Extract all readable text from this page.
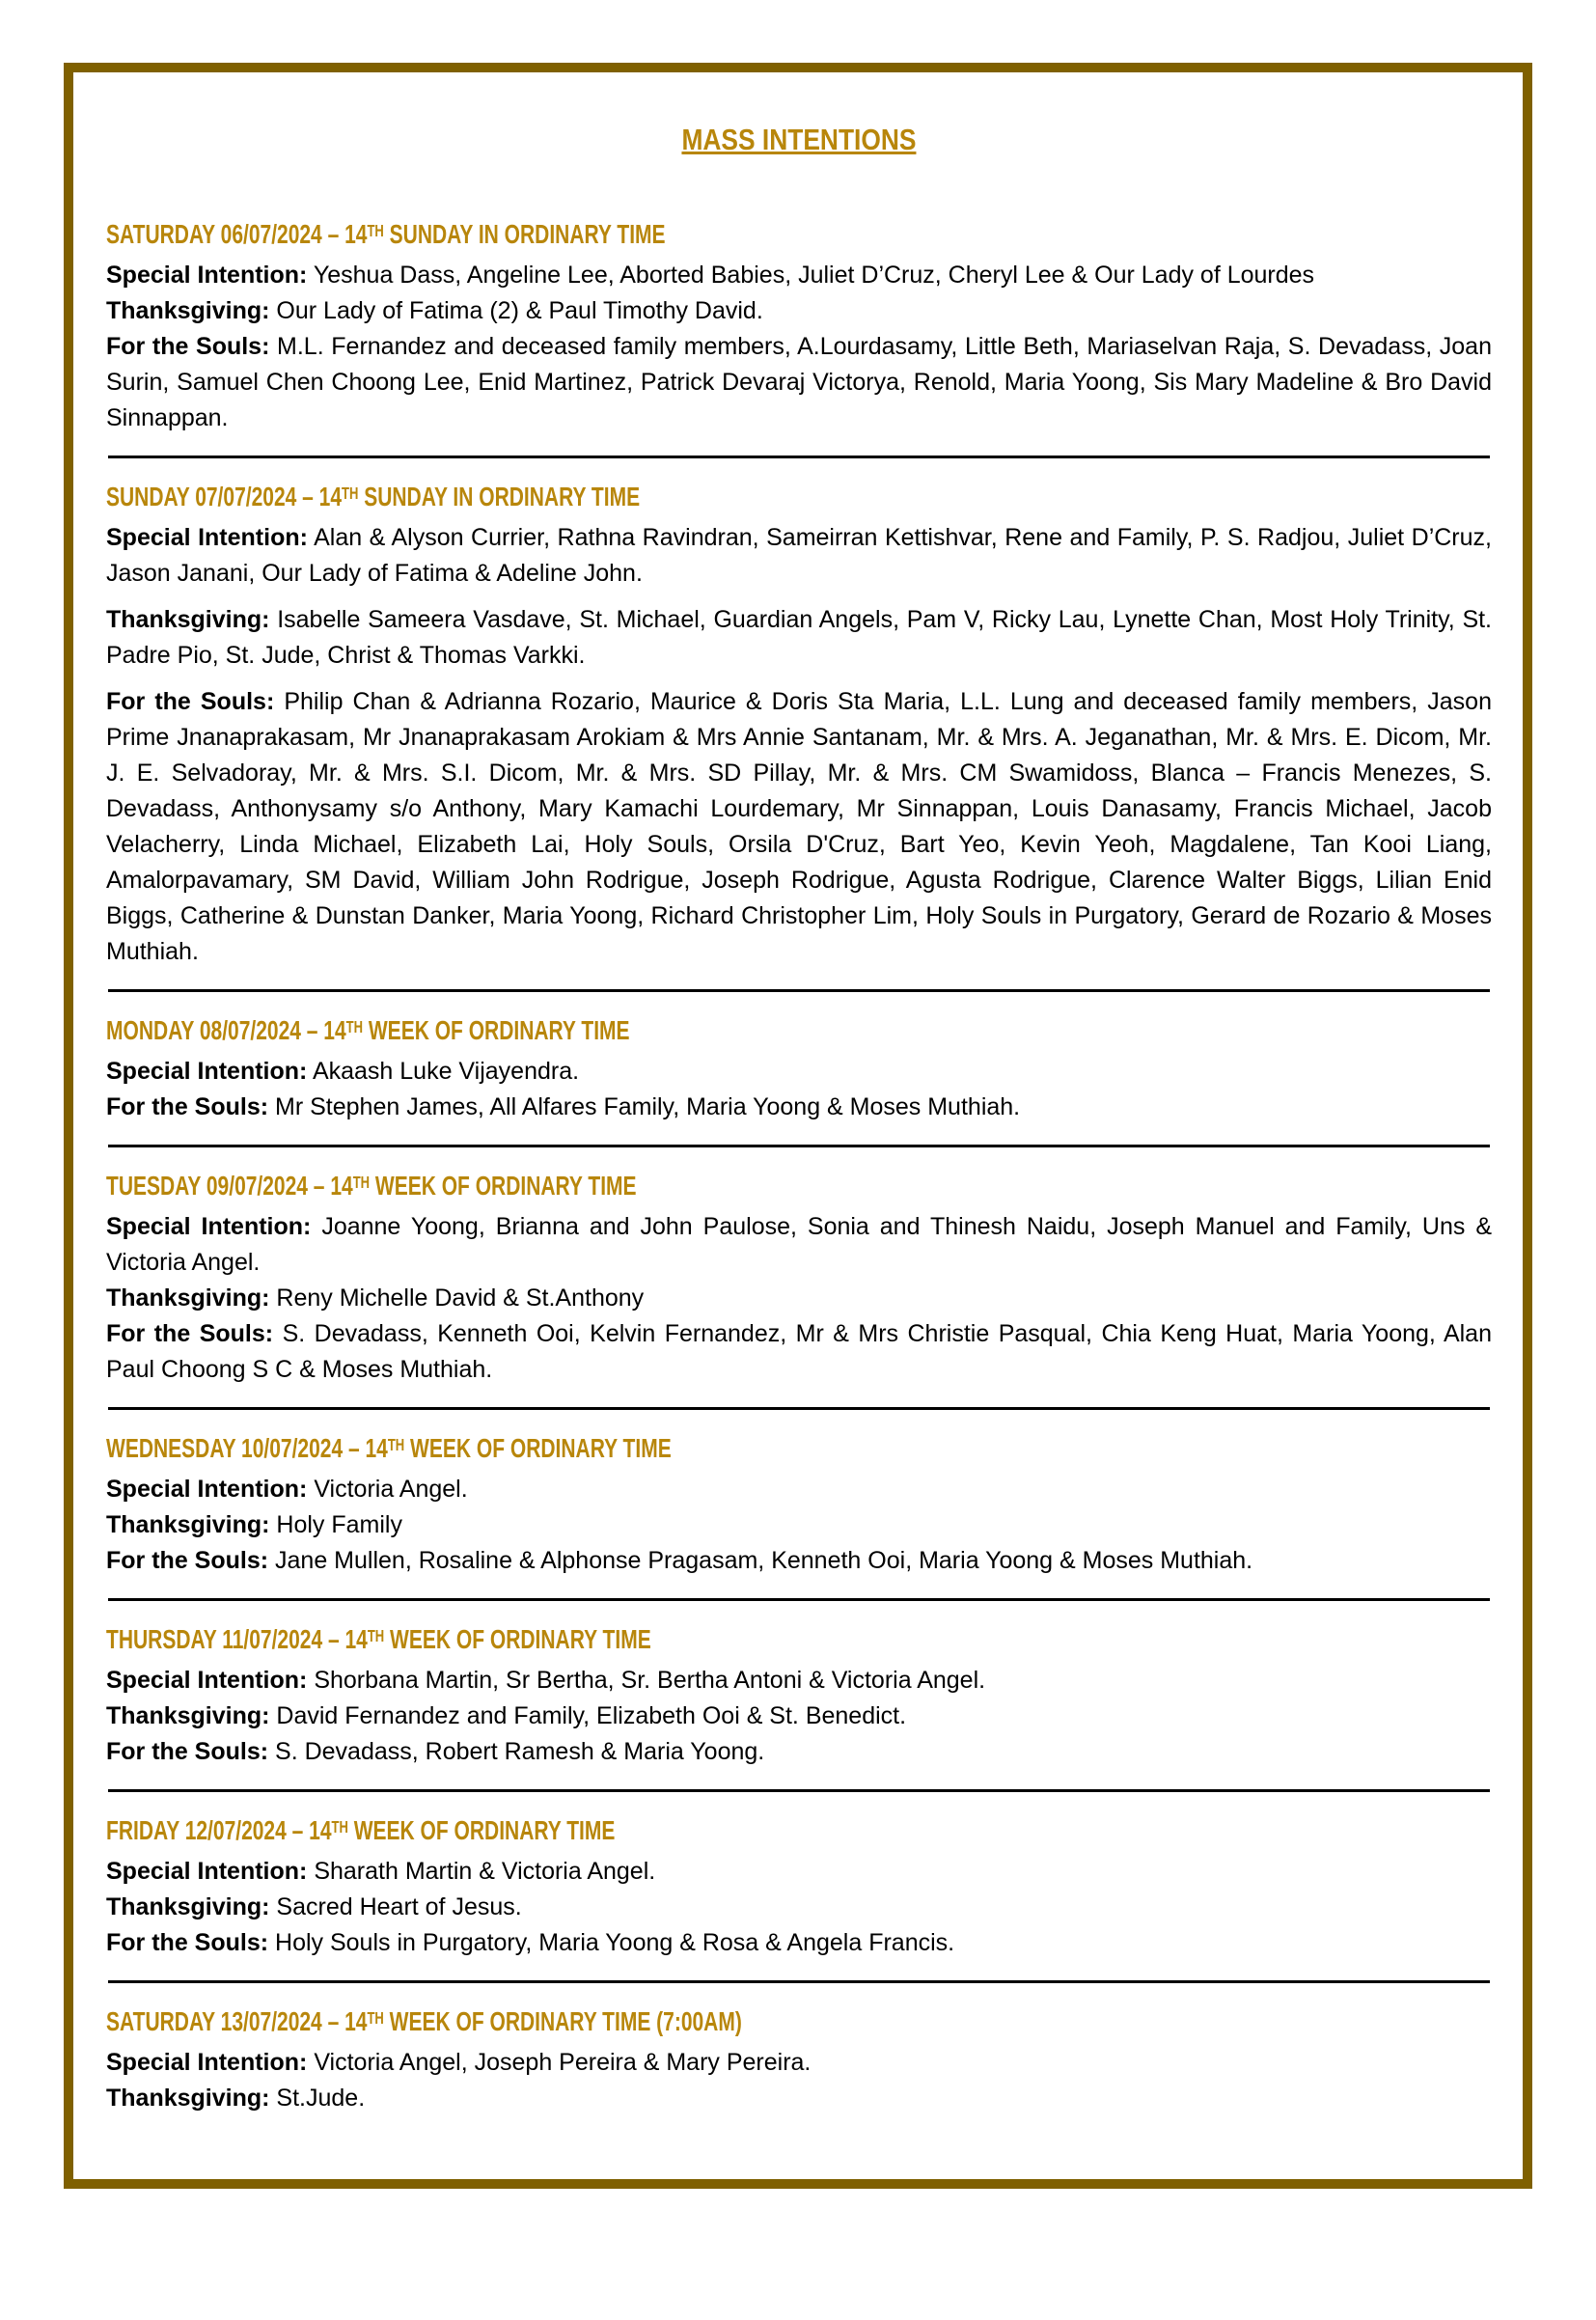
MASS INTENTIONS
SATURDAY 06/07/2024 – 14TH SUNDAY IN ORDINARY TIME

Special Intention: Yeshua Dass, Angeline Lee, Aborted Babies, Juliet D’Cruz, Cheryl Lee & Our Lady of Lourdes

Thanksgiving: Our Lady of Fatima (2) & Paul Timothy David.

For the Souls: M.L. Fernandez and deceased family members, A.Lourdasamy, Little Beth, Mariaselvan Raja, S. Devadass, Joan Surin, Samuel Chen Choong Lee, Enid Martinez, Patrick Devaraj Victorya, Renold, Maria Yoong, Sis Mary Madeline & Bro David Sinnappan.

SUNDAY 07/07/2024 – 14TH SUNDAY IN ORDINARY TIME

Special Intention: Alan & Alyson Currier, Rathna Ravindran, Sameirran Kettishvar, Rene and Family, P. S. Radjou, Juliet D’Cruz, Jason Janani, Our Lady of Fatima & Adeline John.

Thanksgiving: Isabelle Sameera Vasdave, St. Michael, Guardian Angels, Pam V, Ricky Lau, Lynette Chan, Most Holy Trinity, St. Padre Pio, St. Jude, Christ & Thomas Varkki.

For the Souls: Philip Chan & Adrianna Rozario, Maurice & Doris Sta Maria, L.L. Lung and deceased family members, Jason Prime Jnanaprakasam, Mr Jnanaprakasam Arokiam & Mrs Annie Santanam, Mr. & Mrs. A. Jeganathan, Mr. & Mrs. E. Dicom, Mr. J. E. Selvadoray, Mr. & Mrs. S.I. Dicom, Mr. & Mrs. SD Pillay, Mr. & Mrs. CM Swamidoss, Blanca – Francis Menezes, S. Devadass, Anthonysamy s/o Anthony, Mary Kamachi Lourdemary, Mr Sinnappan, Louis Danasamy, Francis Michael, Jacob Velacherry, Linda Michael, Elizabeth Lai, Holy Souls, Orsila D'Cruz, Bart Yeo, Kevin Yeoh, Magdalene, Tan Kooi Liang, Amalorpavamary, SM David, William John Rodrigue, Joseph Rodrigue, Agusta Rodrigue, Clarence Walter Biggs, Lilian Enid Biggs, Catherine & Dunstan Danker, Maria Yoong, Richard Christopher Lim, Holy Souls in Purgatory, Gerard de Rozario & Moses Muthiah.

MONDAY 08/07/2024 – 14TH WEEK OF ORDINARY TIME

Special Intention: Akaash Luke Vijayendra.

For the Souls: Mr Stephen James, All Alfares Family, Maria Yoong & Moses Muthiah.

TUESDAY 09/07/2024 – 14TH WEEK OF ORDINARY TIME

Special Intention: Joanne Yoong, Brianna and John Paulose, Sonia and Thinesh Naidu, Joseph Manuel and Family, Uns & Victoria Angel.

Thanksgiving: Reny Michelle David & St.Anthony

For the Souls: S. Devadass, Kenneth Ooi, Kelvin Fernandez, Mr & Mrs Christie Pasqual, Chia Keng Huat, Maria Yoong, Alan Paul Choong S C & Moses Muthiah.

WEDNESDAY 10/07/2024 – 14TH WEEK OF ORDINARY TIME

Special Intention: Victoria Angel.

Thanksgiving: Holy Family

For the Souls: Jane Mullen, Rosaline & Alphonse Pragasam, Kenneth Ooi, Maria Yoong & Moses Muthiah.

THURSDAY 11/07/2024 – 14TH WEEK OF ORDINARY TIME

Special Intention: Shorbana Martin, Sr Bertha, Sr. Bertha Antoni & Victoria Angel.

Thanksgiving: David Fernandez and Family, Elizabeth Ooi & St. Benedict.

For the Souls: S. Devadass, Robert Ramesh & Maria Yoong.

FRIDAY 12/07/2024 – 14TH WEEK OF ORDINARY TIME

Special Intention: Sharath Martin & Victoria Angel.

Thanksgiving: Sacred Heart of Jesus.

For the Souls: Holy Souls in Purgatory, Maria Yoong & Rosa & Angela Francis.

SATURDAY 13/07/2024 – 14TH WEEK OF ORDINARY TIME (7:00AM)

Special Intention: Victoria Angel, Joseph Pereira & Mary Pereira.

Thanksgiving: St.Jude.
